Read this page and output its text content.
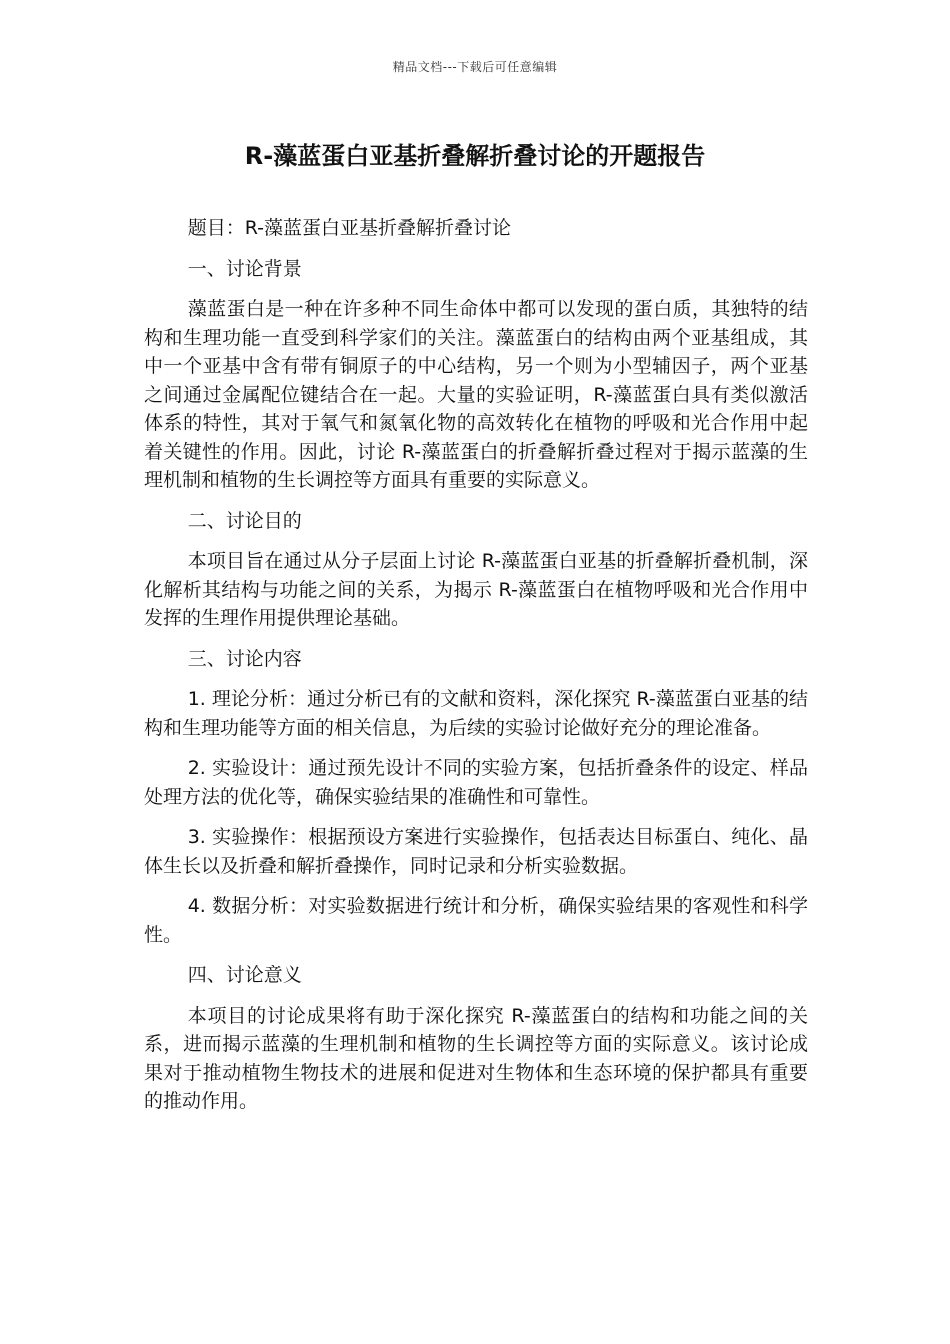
精品文档---下载后可任意编辑
R-藻蓝蛋白亚基折叠解折叠讨论的开题报告

题目：R-藻蓝蛋白亚基折叠解折叠讨论

一、讨论背景

藻蓝蛋白是一种在许多种不同生命体中都可以发现的蛋白质，其独特的结构和生理功能一直受到科学家们的关注。藻蓝蛋白的结构由两个亚基组成，其中一个亚基中含有带有铜原子的中心结构，另一个则为小型辅因子，两个亚基之间通过金属配位键结合在一起。大量的实验证明，R-藻蓝蛋白具有类似激活体系的特性，其对于氧气和氮氧化物的高效转化在植物的呼吸和光合作用中起着关键性的作用。因此，讨论 R-藻蓝蛋白的折叠解折叠过程对于揭示蓝藻的生理机制和植物的生长调控等方面具有重要的实际意义。

二、讨论目的

本项目旨在通过从分子层面上讨论 R-藻蓝蛋白亚基的折叠解折叠机制，深化解析其结构与功能之间的关系，为揭示 R-藻蓝蛋白在植物呼吸和光合作用中发挥的生理作用提供理论基础。

三、讨论内容

1. 理论分析：通过分析已有的文献和资料，深化探究 R-藻蓝蛋白亚基的结构和生理功能等方面的相关信息，为后续的实验讨论做好充分的理论准备。

2. 实验设计：通过预先设计不同的实验方案，包括折叠条件的设定、样品处理方法的优化等，确保实验结果的准确性和可靠性。

3. 实验操作：根据预设方案进行实验操作，包括表达目标蛋白、纯化、晶体生长以及折叠和解折叠操作，同时记录和分析实验数据。

4. 数据分析：对实验数据进行统计和分析，确保实验结果的客观性和科学性。

四、讨论意义

本项目的讨论成果将有助于深化探究 R-藻蓝蛋白的结构和功能之间的关系，进而揭示蓝藻的生理机制和植物的生长调控等方面的实际意义。该讨论成果对于推动植物生物技术的进展和促进对生物体和生态环境的保护都具有重要的推动作用。
